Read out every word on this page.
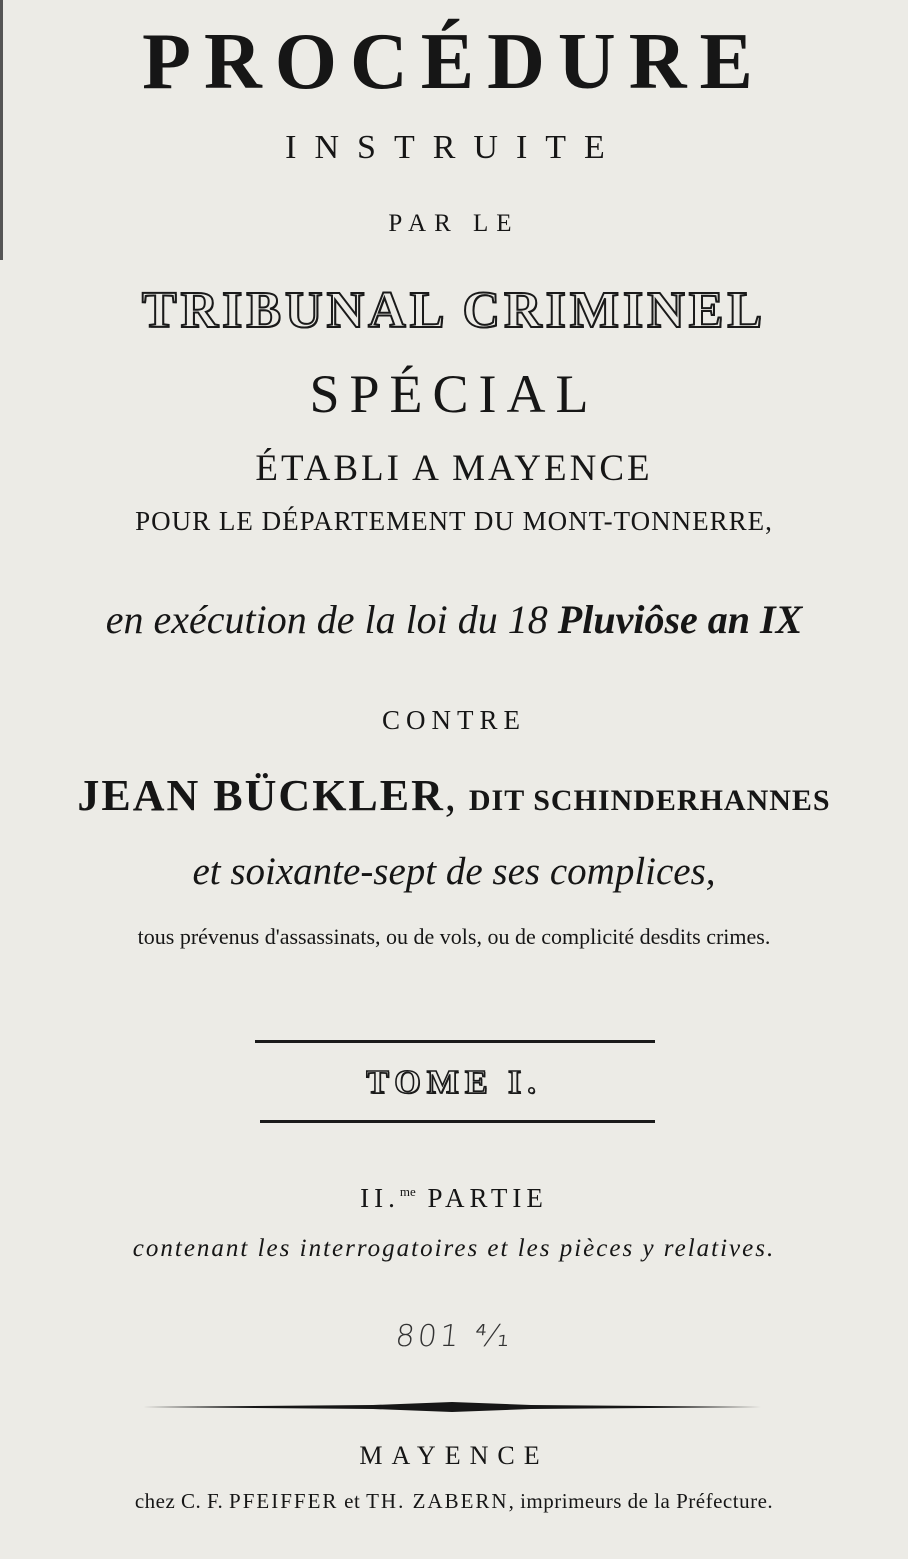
PROCÉDURE
INSTRUITE
PAR LE
TRIBUNAL CRIMINEL
SPÉCIAL
ÉTABLI A MAYENCE
POUR LE DÉPARTEMENT DU MONT-TONNERRE,
en exécution de la loi du 18 Pluviôse an IX
CONTRE
JEAN BÜCKLER, DIT SCHINDERHANNES
et soixante-sept de ses complices,
tous prévenus d'assassinats, ou de vols, ou de complicité desdits crimes.
TOME I.
II.$^{me}$ PARTIE
contenant les interrogatoires et les pièces y relatives.
801 ⁴⁄₁
MAYENCE
chez C. F. PFEIFFER et TH. ZABERN, imprimeurs de la Préfecture.
